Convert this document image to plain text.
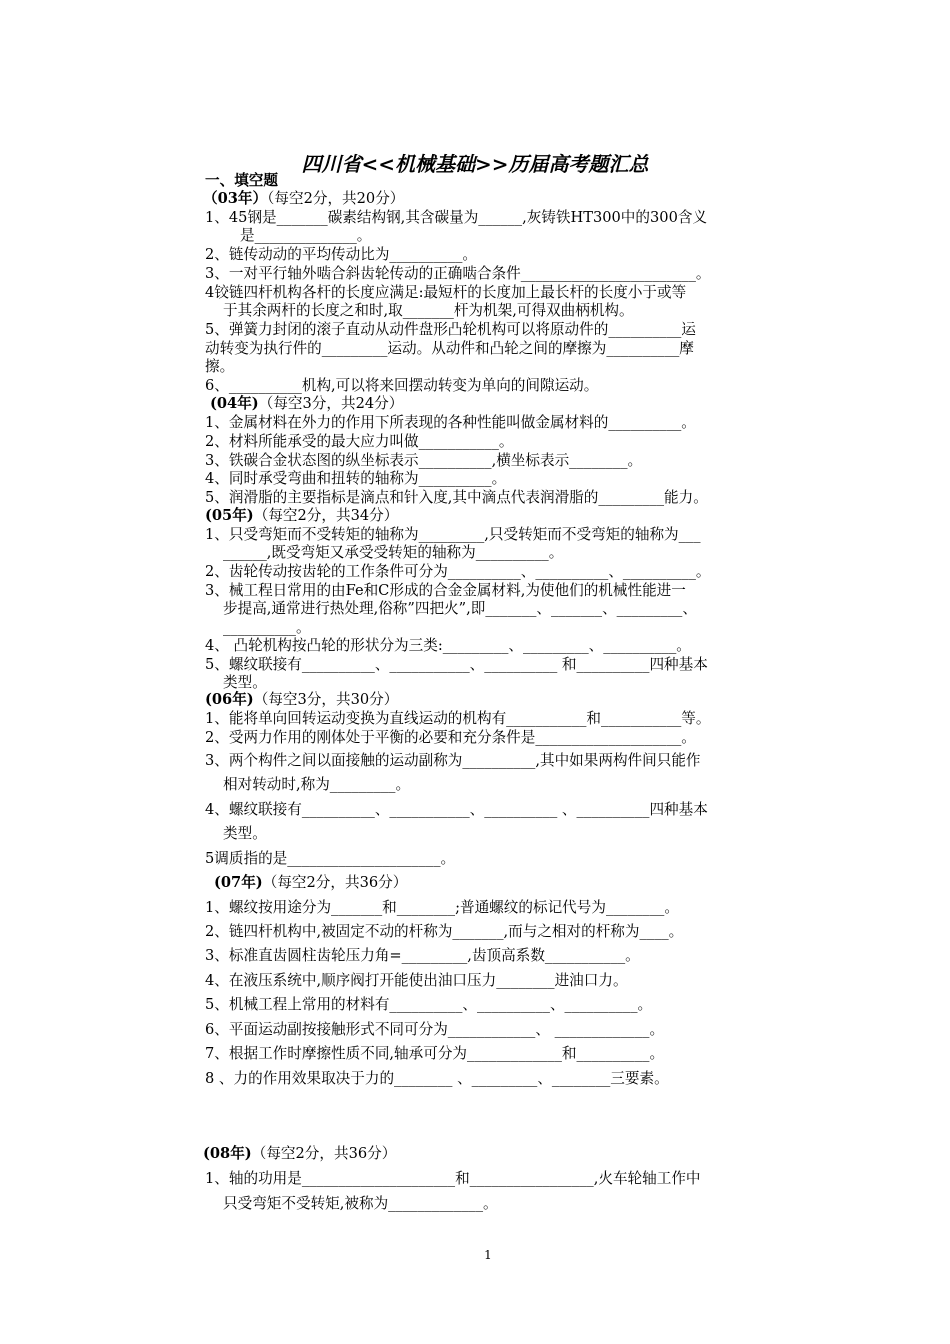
四川省<<机械基础>>历届高考题汇总
一、填空题
（03年）（每空2分，共20分）
1、45钢是_______碳素结构钢,其含碳量为______,灰铸铁HT300中的300含义
是______________。
2、链传动动的平均传动比为__________。
3、一对平行轴外啮合斜齿轮传动的正确啮合条件________________________。
4铰链四杆机构各杆的长度应满足:最短杆的长度加上最长杆的长度小于或等
于其余两杆的长度之和时,取_______杆为机架,可得双曲柄机构。
5、弹簧力封闭的滚子直动从动件盘形凸轮机构可以将原动件的__________运
动转变为执行件的_________运动。从动件和凸轮之间的摩擦为__________摩
擦。
6、__________机构,可以将来回摆动转变为单向的间隙运动。
(04年)（每空3分，共24分）
1、金属材料在外力的作用下所表现的各种性能叫做金属材料的__________。
2、材料所能承受的最大应力叫做___________。
3、铁碳合金状态图的纵坐标表示__________,横坐标表示________。
4、同时承受弯曲和扭转的轴称为__________。
5、润滑脂的主要指标是滴点和针入度,其中滴点代表润滑脂的_________能力。
(05年)（每空2分，共34分）
1、只受弯矩而不受转矩的轴称为_________,只受转矩而不受弯矩的轴称为___
______,既受弯矩又承受受转矩的轴称为__________。
2、齿轮传动按齿轮的工作条件可分为__________、__________、__________。
3、械工程日常用的由Fe和C形成的合金金属材料,为使他们的机械性能进一
步提高,通常进行热处理,俗称”四把火”,即_______、_______、_________、
__________。
4、 凸轮机构按凸轮的形状分为三类:_________、_________、__________。
5、螺纹联接有__________、___________、__________ 和__________四种基本
类型。
(06年)（每空3分，共30分）
1、能将单向回转运动变换为直线运动的机构有___________和___________等。
2、受两力作用的刚体处于平衡的必要和充分条件是____________________。
3、两个构件之间以面接触的运动副称为__________,其中如果两构件间只能作
相对转动时,称为_________。
4、螺纹联接有__________、___________、__________ 、__________四种基本
类型。
5调质指的是_____________________。
(07年)（每空2分，共36分）
1、螺纹按用途分为_______和________;普通螺纹的标记代号为________。
2、链四杆机构中,被固定不动的杆称为_______,而与之相对的杆称为____。
3、标准直齿圆柱齿轮压力角=_________,齿顶高系数___________。
4、在液压系统中,顺序阀打开能使出油口压力________进油口力。
5、机械工程上常用的材料有__________、__________、__________。
6、平面运动副按接触形式不同可分为____________、 _____________。
7、根据工作时摩擦性质不同,轴承可分为_____________和__________。
8 、力的作用效果取决于力的________ 、_________、________三要素。
(08年)（每空2分，共36分）
1、轴的功用是_____________________和_________________,火车轮轴工作中
只受弯矩不受转矩,被称为_____________。
1
